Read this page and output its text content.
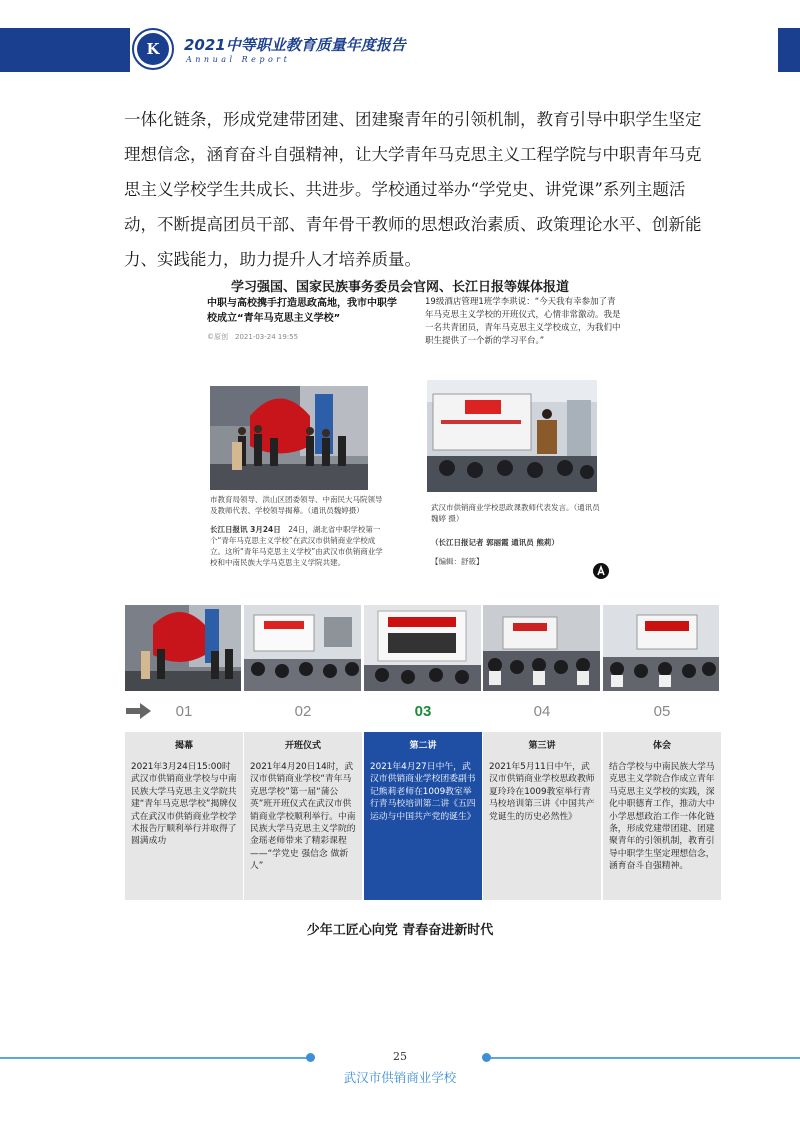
K	2021中等职业教育质量年度报告
Annual Report
一体化链条，形成党建带团建、团建聚青年的引领机制，教育引导中职学生坚定
理想信念，涵育奋斗自强精神，让大学青年马克思主义工程学院与中职青年马克
思主义学校学生共成长、共进步。学校通过举办“学党史、讲党课”系列主题活
动，不断提高团员干部、青年骨干教师的思想政治素质、政策理论水平、创新能
力、实践能力，助力提升人才培养质量。
学习强国、国家民族事务委员会官网、长江日报等媒体报道
中职与高校携手打造思政高地，我市中职学校成立“青年马克思主义学校”
©原创　2021-03-24 19:55
市教育局领导、洪山区团委领导、中南民大马院领导及教师代表、学校领导揭幕。（通讯员魏婷摄）
长江日报讯 3月24日　24日，湖北省中职学校第一个“青年马克思主义学校”在武汉市供销商业学校成立。这所“青年马克思主义学校”由武汉市供销商业学校和中南民族大学马克思主义学院共建。
19级酒店管理1班学李珙说：“今天我有幸参加了青年马克思主义学校的开班仪式，心情非常激动。我是一名共青团员，青年马克思主义学校成立，为我们中职生提供了一个新的学习平台。”
武汉市供销商业学校思政课教师代表发言。（通讯员魏婷 摄）
（长江日报记者 郭丽霞 通讯员 熊莉）
【编辑：舒筱】
01	02	03	04	05
揭幕
2021年3月24日15:00时武汉市供销商业学校与中南民族大学马克思主义学院共建“青年马克思学校”揭牌仪式在武汉市供销商业学校学术报告厅顺利举行并取得了圆满成功
开班仪式
2021年4月20日14时，武汉市供销商业学校“青年马克思学校”第一届“蒲公英”班开班仪式在武汉市供销商业学校顺利举行。中南民族大学马克思主义学院的金瑶老师带来了精彩课程——“学党史 强信念 做新人”
第二讲
2021年4月27日中午，武汉市供销商业学校团委副书记熊莉老师在1009教室举行青马校培训第二讲《五四运动与中国共产党的诞生》
第三讲
2021年5月11日中午，武汉市供销商业学校思政教师夏玲玲在1009教室举行青马校培训第三讲《中国共产党诞生的历史必然性》
体会
结合学校与中南民族大学马克思主义学院合作成立青年马克思主义学校的实践，深化中职德育工作，推动大中小学思想政治工作一体化链条，形成党建带团建、团建聚青年的引领机制，教育引导中职学生坚定理想信念，涵育奋斗自强精神。
少年工匠心向党 青春奋进新时代
25
武汉市供销商业学校
